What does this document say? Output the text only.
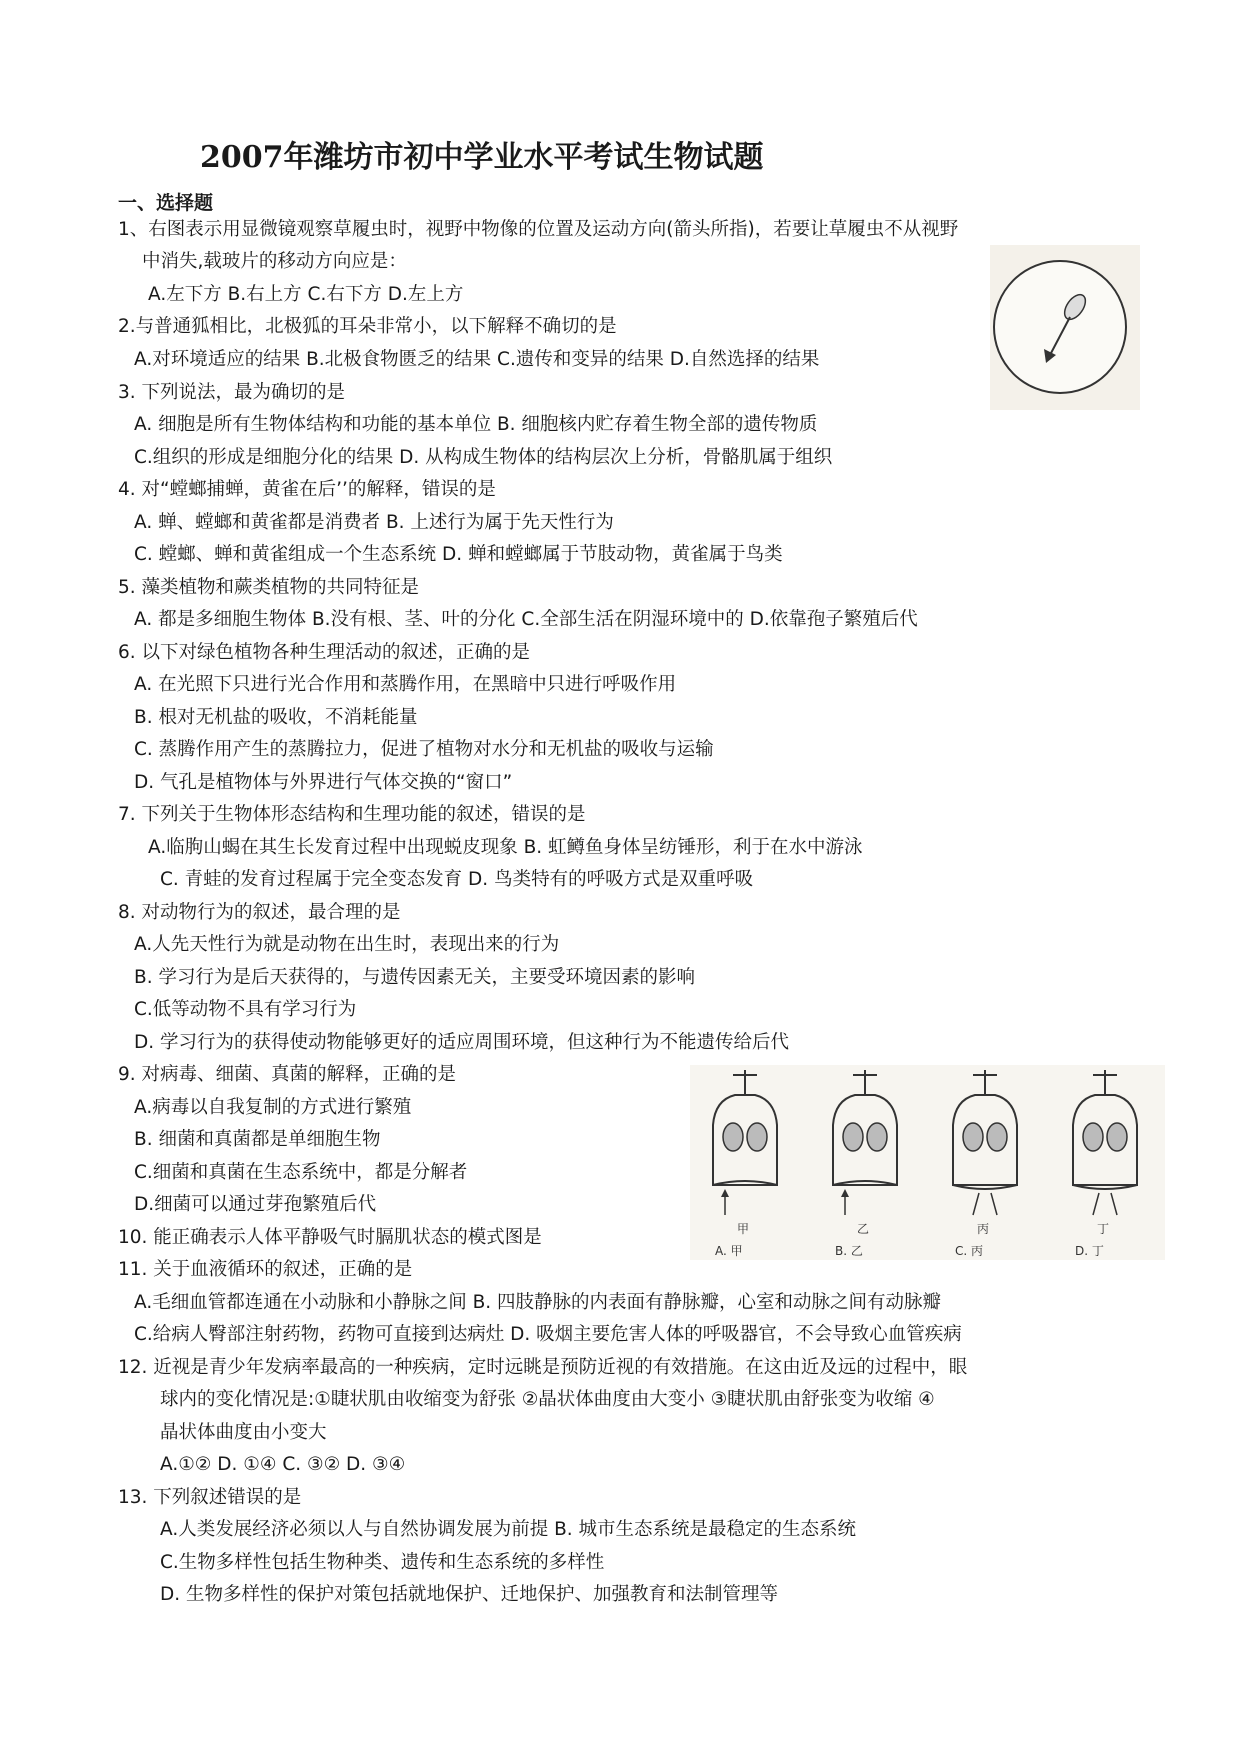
2007年潍坊市初中学业水平考试生物试题
一、选择题
1、右图表示用显微镜观察草履虫时，视野中物像的位置及运动方向(箭头所指)，若要让草履虫不从视野
中消失,载玻片的移动方向应是：
A.左下方 B.右上方 C.右下方 D.左上方
2.与普通狐相比，北极狐的耳朵非常小，以下解释不确切的是
A.对环境适应的结果 B.北极食物匮乏的结果 C.遗传和变异的结果 D.自然选择的结果
3. 下列说法，最为确切的是
A. 细胞是所有生物体结构和功能的基本单位 B. 细胞核内贮存着生物全部的遗传物质
C.组织的形成是细胞分化的结果 D. 从构成生物体的结构层次上分析，骨骼肌属于组织
4. 对“螳螂捕蝉，黄雀在后’’的解释，错误的是
A. 蝉、螳螂和黄雀都是消费者 B. 上述行为属于先天性行为
C. 螳螂、蝉和黄雀组成一个生态系统 D. 蝉和螳螂属于节肢动物，黄雀属于鸟类
5. 藻类植物和蕨类植物的共同特征是
A. 都是多细胞生物体 B.没有根、茎、叶的分化 C.全部生活在阴湿环境中的 D.依靠孢子繁殖后代
6. 以下对绿色植物各种生理活动的叙述，正确的是
A. 在光照下只进行光合作用和蒸腾作用，在黑暗中只进行呼吸作用
B. 根对无机盐的吸收，不消耗能量
C. 蒸腾作用产生的蒸腾拉力，促进了植物对水分和无机盐的吸收与运输
D. 气孔是植物体与外界进行气体交换的“窗口”
7. 下列关于生物体形态结构和生理功能的叙述，错误的是
A.临朐山蝎在其生长发育过程中出现蜕皮现象 B. 虹鳟鱼身体呈纺锤形，利于在水中游泳
C. 青蛙的发育过程属于完全变态发育 D. 鸟类特有的呼吸方式是双重呼吸
8. 对动物行为的叙述，最合理的是
A.人先天性行为就是动物在出生时，表现出来的行为
B. 学习行为是后天获得的，与遗传因素无关，主要受环境因素的影响
C.低等动物不具有学习行为
D. 学习行为的获得使动物能够更好的适应周围环境，但这种行为不能遗传给后代
9. 对病毒、细菌、真菌的解释，正确的是
A.病毒以自我复制的方式进行繁殖
B. 细菌和真菌都是单细胞生物
C.细菌和真菌在生态系统中，都是分解者
D.细菌可以通过芽孢繁殖后代
10. 能正确表示人体平静吸气时膈肌状态的模式图是
11. 关于血液循环的叙述，正确的是
A.毛细血管都连通在小动脉和小静脉之间 B. 四肢静脉的内表面有静脉瓣，心室和动脉之间有动脉瓣
C.给病人臀部注射药物，药物可直接到达病灶 D. 吸烟主要危害人体的呼吸器官，不会导致心血管疾病
12. 近视是青少年发病率最高的一种疾病，定时远眺是预防近视的有效措施。在这由近及远的过程中，眼
球内的变化情况是:①睫状肌由收缩变为舒张 ②晶状体曲度由大变小 ③睫状肌由舒张变为收缩 ④
晶状体曲度由小变大
A.①② D. ①④ C. ③② D. ③④
13. 下列叙述错误的是
A.人类发展经济必须以人与自然协调发展为前提 B. 城市生态系统是最稳定的生态系统
C.生物多样性包括生物种类、遗传和生态系统的多样性
D. 生物多样性的保护对策包括就地保护、迁地保护、加强教育和法制管理等
甲
A. 甲
乙
B. 乙
丙
C. 丙
丁
D. 丁
